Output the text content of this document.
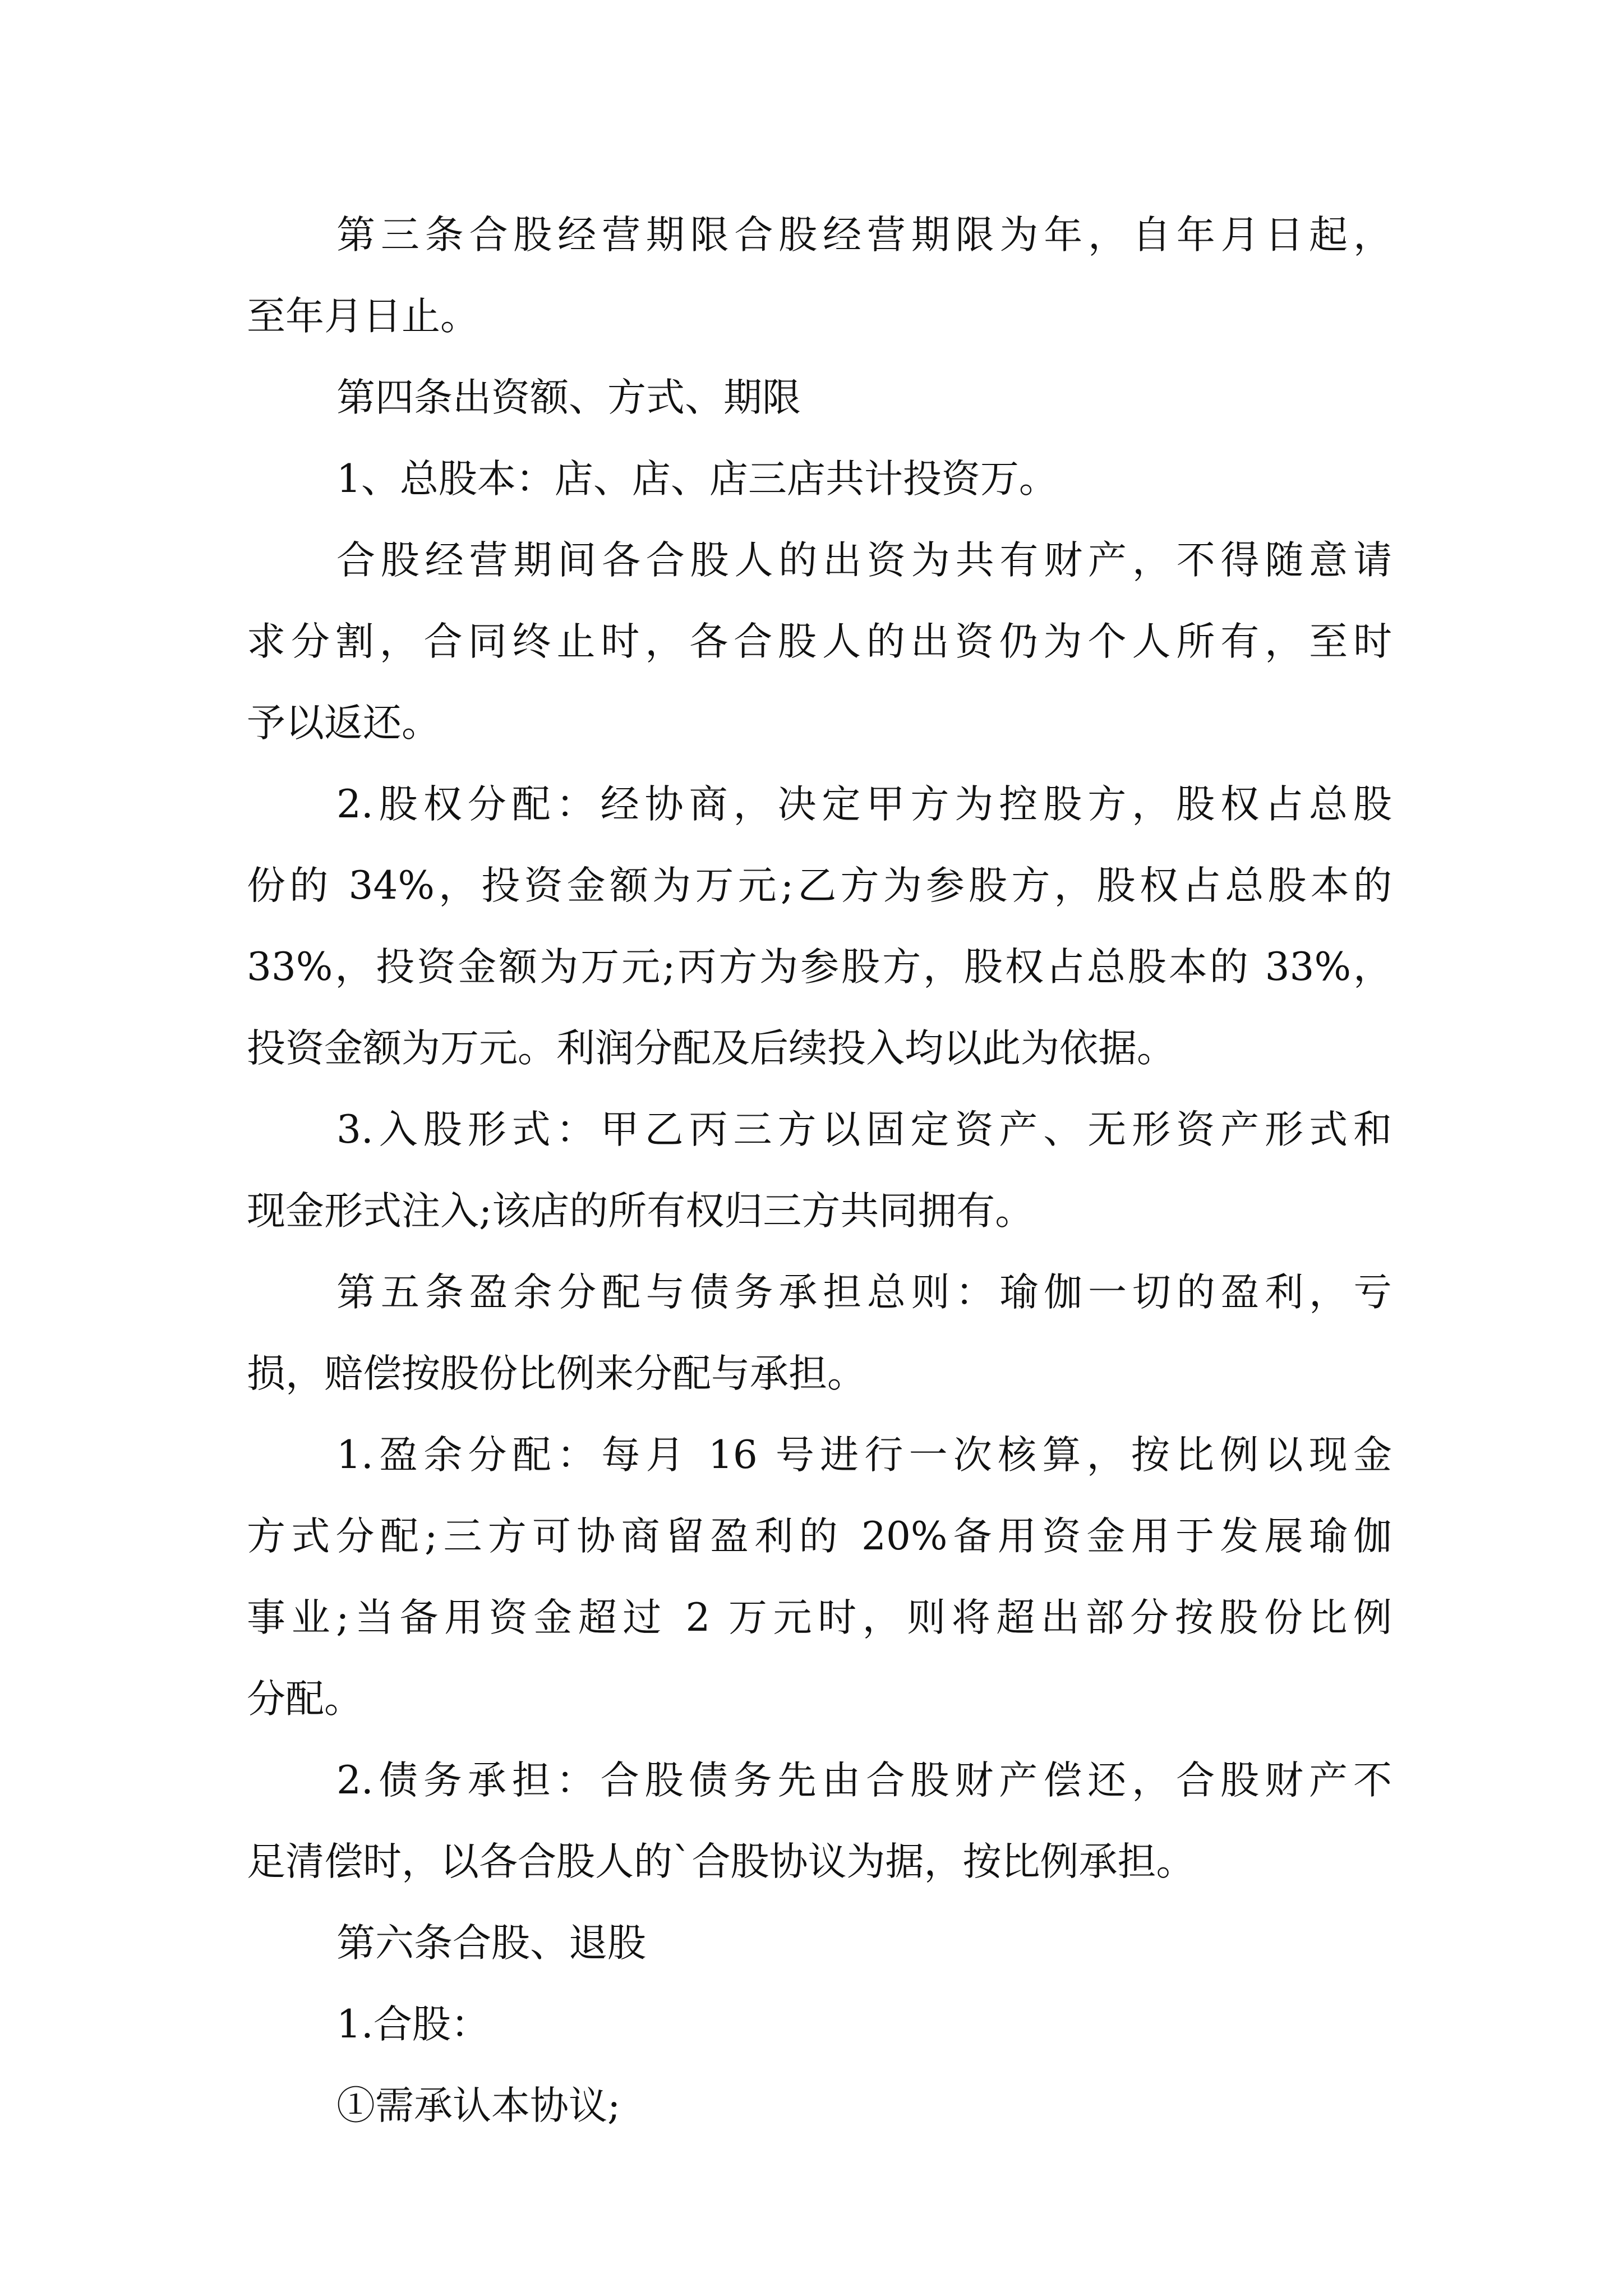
第三条合股经营期限合股经营期限为年，自年月日起，
至年月日止。
第四条出资额、方式、期限
1、总股本：店、店、店三店共计投资万。
合股经营期间各合股人的出资为共有财产，不得随意请
求分割，合同终止时，各合股人的出资仍为个人所有，至时
予以返还。
2.股权分配：经协商，决定甲方为控股方，股权占总股
份的 34%，投资金额为万元;乙方为参股方，股权占总股本的
33%，投资金额为万元;丙方为参股方，股权占总股本的 33%，
投资金额为万元。利润分配及后续投入均以此为依据。
3.入股形式：甲乙丙三方以固定资产、无形资产形式和
现金形式注入;该店的所有权归三方共同拥有。
第五条盈余分配与债务承担总则：瑜伽一切的盈利，亏
损，赔偿按股份比例来分配与承担。
1.盈余分配：每月 16 号进行一次核算，按比例以现金
方式分配;三方可协商留盈利的 20%备用资金用于发展瑜伽
事业;当备用资金超过 2 万元时，则将超出部分按股份比例
分配。
2.债务承担：合股债务先由合股财产偿还，合股财产不
足清偿时，以各合股人的`合股协议为据，按比例承担。
第六条合股、退股
1.合股：
①需承认本协议;
